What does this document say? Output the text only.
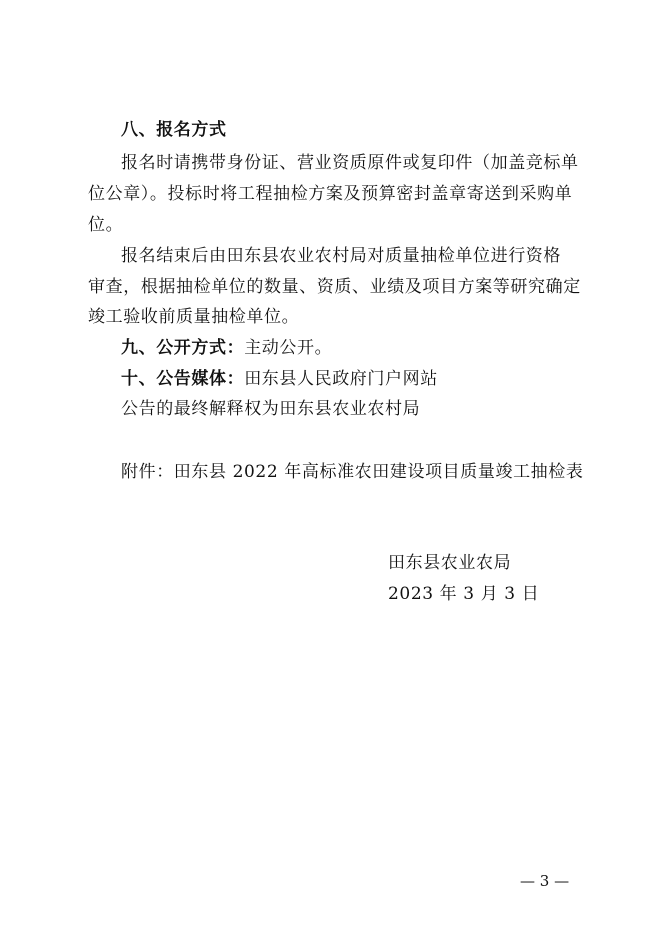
八、报名方式
报名时请携带身份证、营业资质原件或复印件（加盖竞标单
位公章）。投标时将工程抽检方案及预算密封盖章寄送到采购单
位。
报名结束后由田东县农业农村局对质量抽检单位进行资格
审查，根据抽检单位的数量、资质、业绩及项目方案等研究确定
竣工验收前质量抽检单位。
九、公开方式：主动公开。
十、公告媒体：田东县人民政府门户网站
公告的最终解释权为田东县农业农村局
附件：田东县 2022 年高标准农田建设项目质量竣工抽检表
田东县农业农局
2023 年 3 月 3 日
— 3 —
